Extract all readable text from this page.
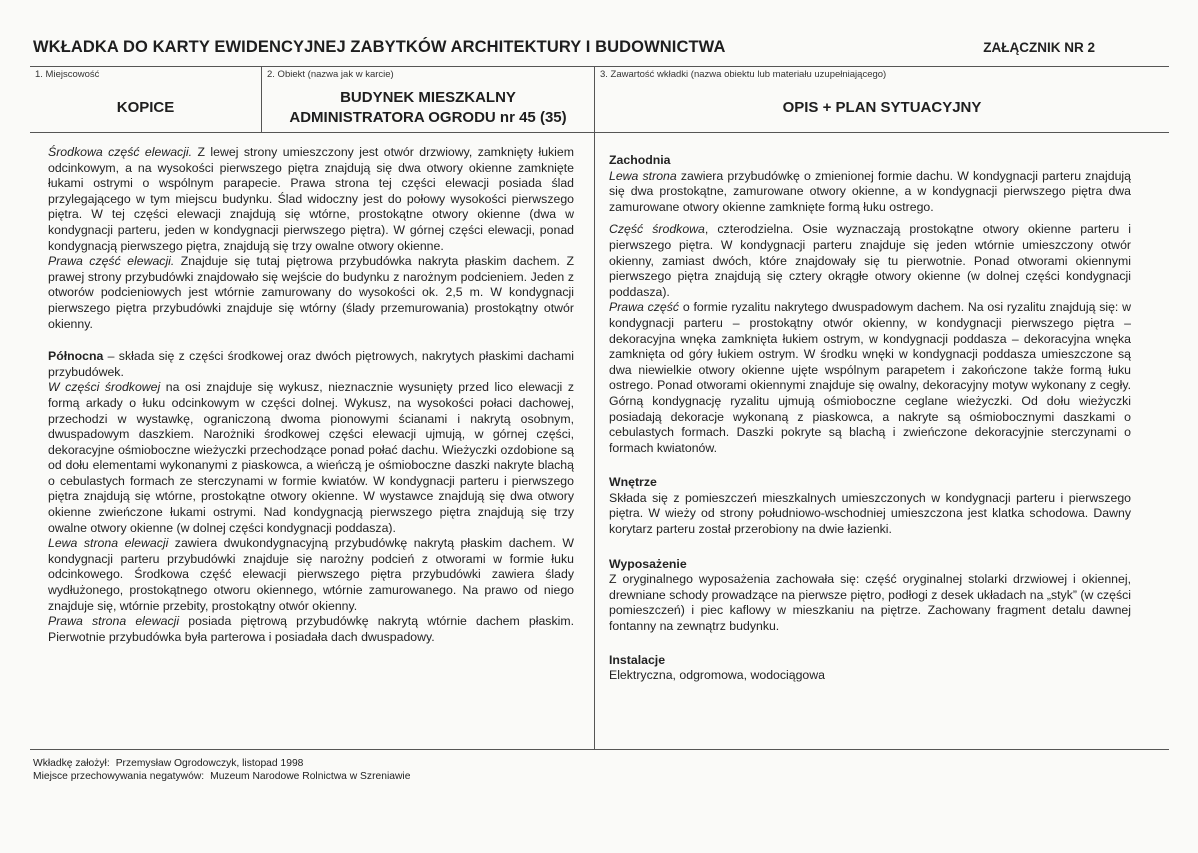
WKŁADKA DO KARTY EWIDENCYJNEJ ZABYTKÓW ARCHITEKTURY I BUDOWNICTWA	ZAŁĄCZNIK NR 2
1. Miejscowość
KOPICE
2. Obiekt (nazwa jak w karcie)
BUDYNEK MIESZKALNY
ADMINISTRATORA OGRODU nr 45 (35)
3. Zawartość wkładki (nazwa obiektu lub materiału uzupełniającego)
OPIS + PLAN SYTUACYJNY

Środkowa część elewacji. Z lewej strony umieszczony jest otwór drzwiowy, zamknięty łukiem odcinkowym, a na wysokości pierwszego piętra znajdują się dwa otwory okienne zamknięte łukami ostrymi o wspólnym parapecie. Prawa strona tej części elewacji posiada ślad przylegającego w tym miejscu budynku. Ślad widoczny jest do połowy wysokości pierwszego piętra. W tej części elewacji znajdują się wtórne, prostokątne otwory okienne (dwa w kondygnacji parteru, jeden w kondygnacji pierwszego piętra). W górnej części elewacji, ponad kondygnacją pierwszego piętra, znajdują się trzy owalne otwory okienne.

Prawa część elewacji. Znajduje się tutaj piętrowa przybudówka nakryta płaskim dachem. Z prawej strony przybudówki znajdowało się wejście do budynku z narożnym podcieniem. Jeden z otworów podcieniowych jest wtórnie zamurowany do wysokości ok. 2,5 m. W kondygnacji pierwszego piętra przybudówki znajduje się wtórny (ślady przemurowania) prostokątny otwór okienny.

Północna – składa się z części środkowej oraz dwóch piętrowych, nakrytych płaskimi dachami przybudówek.

W części środkowej na osi znajduje się wykusz, nieznacznie wysunięty przed lico elewacji z formą arkady o łuku odcinkowym w części dolnej. Wykusz, na wysokości połaci dachowej, przechodzi w wystawkę, ograniczoną dwoma pionowymi ścianami i nakrytą osobnym, dwuspadowym daszkiem. Narożniki środkowej części elewacji ujmują, w górnej części, dekoracyjne ośmioboczne wieżyczki przechodzące ponad połać dachu. Wieżyczki ozdobione są od dołu elementami wykonanymi z piaskowca, a wieńczą je ośmioboczne daszki nakryte blachą o cebulastych formach ze sterczynami w formie kwiatów. W kondygnacji parteru i pierwszego piętra znajdują się wtórne, prostokątne otwory okienne. W wystawce znajdują się dwa otwory okienne zwieńczone łukami ostrymi. Nad kondygnacją pierwszego piętra znajdują się trzy owalne otwory okienne (w dolnej części kondygnacji poddasza).

Lewa strona elewacji zawiera dwukondygnacyjną przybudówkę nakrytą płaskim dachem. W kondygnacji parteru przybudówki znajduje się narożny podcień z otworami w formie łuku odcinkowego. Środkowa część elewacji pierwszego piętra przybudówki zawiera ślady wydłużonego, prostokątnego otworu okiennego, wtórnie zamurowanego. Na prawo od niego znajduje się, wtórnie przebity, prostokątny otwór okienny.

Prawa strona elewacji posiada piętrową przybudówkę nakrytą wtórnie dachem płaskim. Pierwotnie przybudówka była parterowa i posiadała dach dwuspadowy.

Zachodnia

Lewa strona zawiera przybudówkę o zmienionej formie dachu. W kondygnacji parteru znajdują się dwa prostokątne, zamurowane otwory okienne, a w kondygnacji pierwszego piętra dwa zamurowane otwory okienne zamknięte formą łuku ostrego.

Część środkowa, czterodzielna. Osie wyznaczają prostokątne otwory okienne parteru i pierwszego piętra. W kondygnacji parteru znajduje się jeden wtórnie umieszczony otwór okienny, zamiast dwóch, które znajdowały się tu pierwotnie. Ponad otworami okiennymi pierwszego piętra znajdują się cztery okrągłe otwory okienne (w dolnej części kondygnacji poddasza).

Prawa część o formie ryzalitu nakrytego dwuspadowym dachem. Na osi ryzalitu znajdują się: w kondygnacji parteru – prostokątny otwór okienny, w kondygnacji pierwszego piętra – dekoracyjna wnęka zamknięta łukiem ostrym, w kondygnacji poddasza – dekoracyjna wnęka zamknięta od góry łukiem ostrym. W środku wnęki w kondygnacji poddasza umieszczone są dwa niewielkie otwory okienne ujęte wspólnym parapetem i zakończone także formą łuku ostrego. Ponad otworami okiennymi znajduje się owalny, dekoracyjny motyw wykonany z cegły. Górną kondygnację ryzalitu ujmują ośmioboczne ceglane wieżyczki. Od dołu wieżyczki posiadają dekoracje wykonaną z piaskowca, a nakryte są ośmiobocznymi daszkami o cebulastych formach. Daszki pokryte są blachą i zwieńczone dekoracyjnie sterczynami o formach kwiatonów.

Wnętrze

Składa się z pomieszczeń mieszkalnych umieszczonych w kondygnacji parteru i pierwszego piętra. W wieży od strony południowo-wschodniej umieszczona jest klatka schodowa. Dawny korytarz parteru został przerobiony na dwie łazienki.

Wyposażenie

Z oryginalnego wyposażenia zachowała się: część oryginalnej stolarki drzwiowej i okiennej, drewniane schody prowadzące na pierwsze piętro, podłogi z desek układach na „styk” (w części pomieszczeń) i piec kaflowy w mieszkaniu na piętrze. Zachowany fragment detalu dawnej fontanny na zewnątrz budynku.

Instalacje

Elektryczna, odgromowa, wodociągowa

Wkładkę założył: Przemysław Ogrodowczyk, listopad 1998
Miejsce przechowywania negatywów: Muzeum Narodowe Rolnictwa w Szreniawie
